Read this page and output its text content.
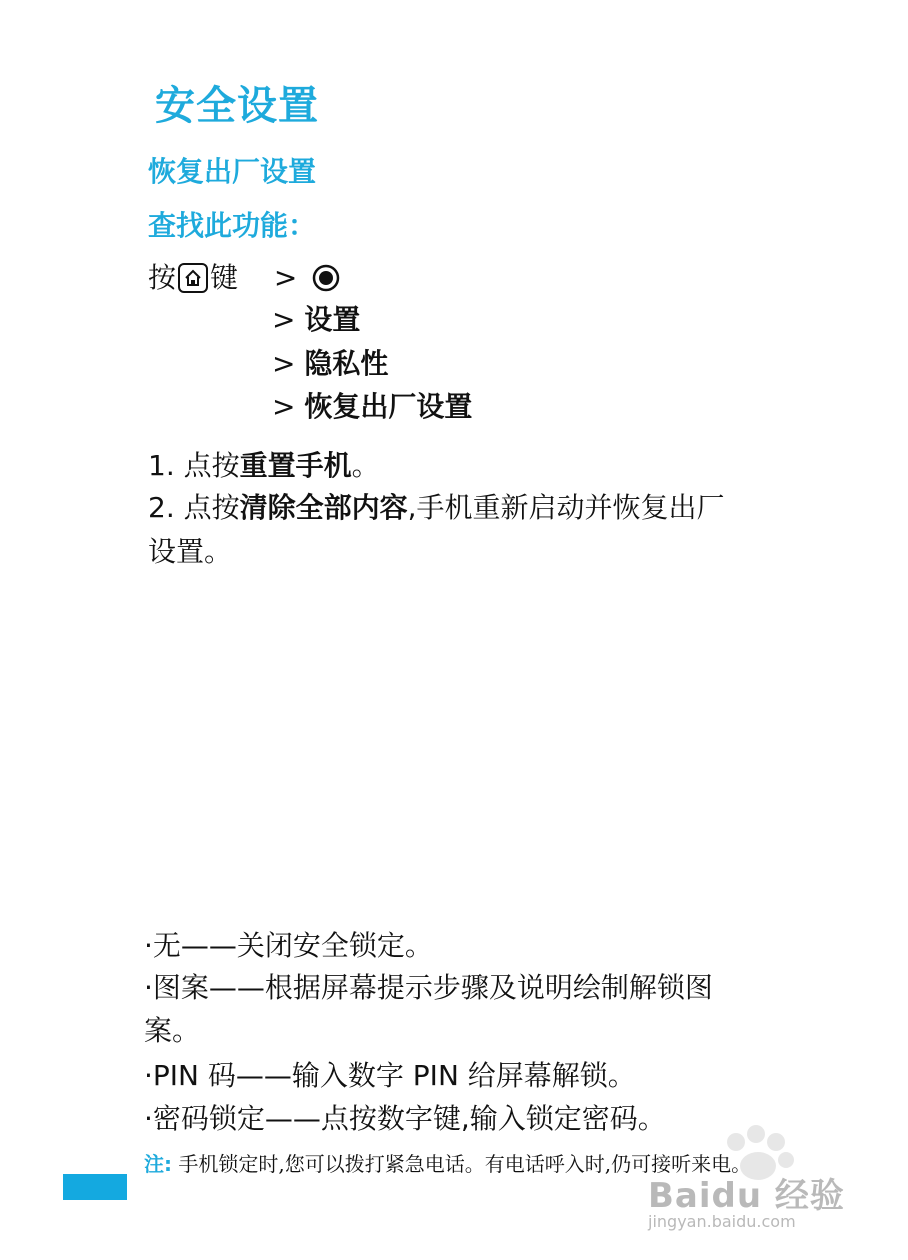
安全设置
恢复出厂设置
查找此功能：
按 键 >
> 设置
> 隐私性
> 恢复出厂设置
1. 点按重置手机。
2. 点按清除全部内容,手机重新启动并恢复出厂
设置。
·无——关闭安全锁定。
·图案——根据屏幕提示步骤及说明绘制解锁图
案。
·PIN 码——输入数字 PIN 给屏幕解锁。
·密码锁定——点按数字键,输入锁定密码。
注: 手机锁定时,您可以拨打紧急电话。有电话呼入时,仍可接听来电。
Baidu 经验
jingyan.baidu.com
